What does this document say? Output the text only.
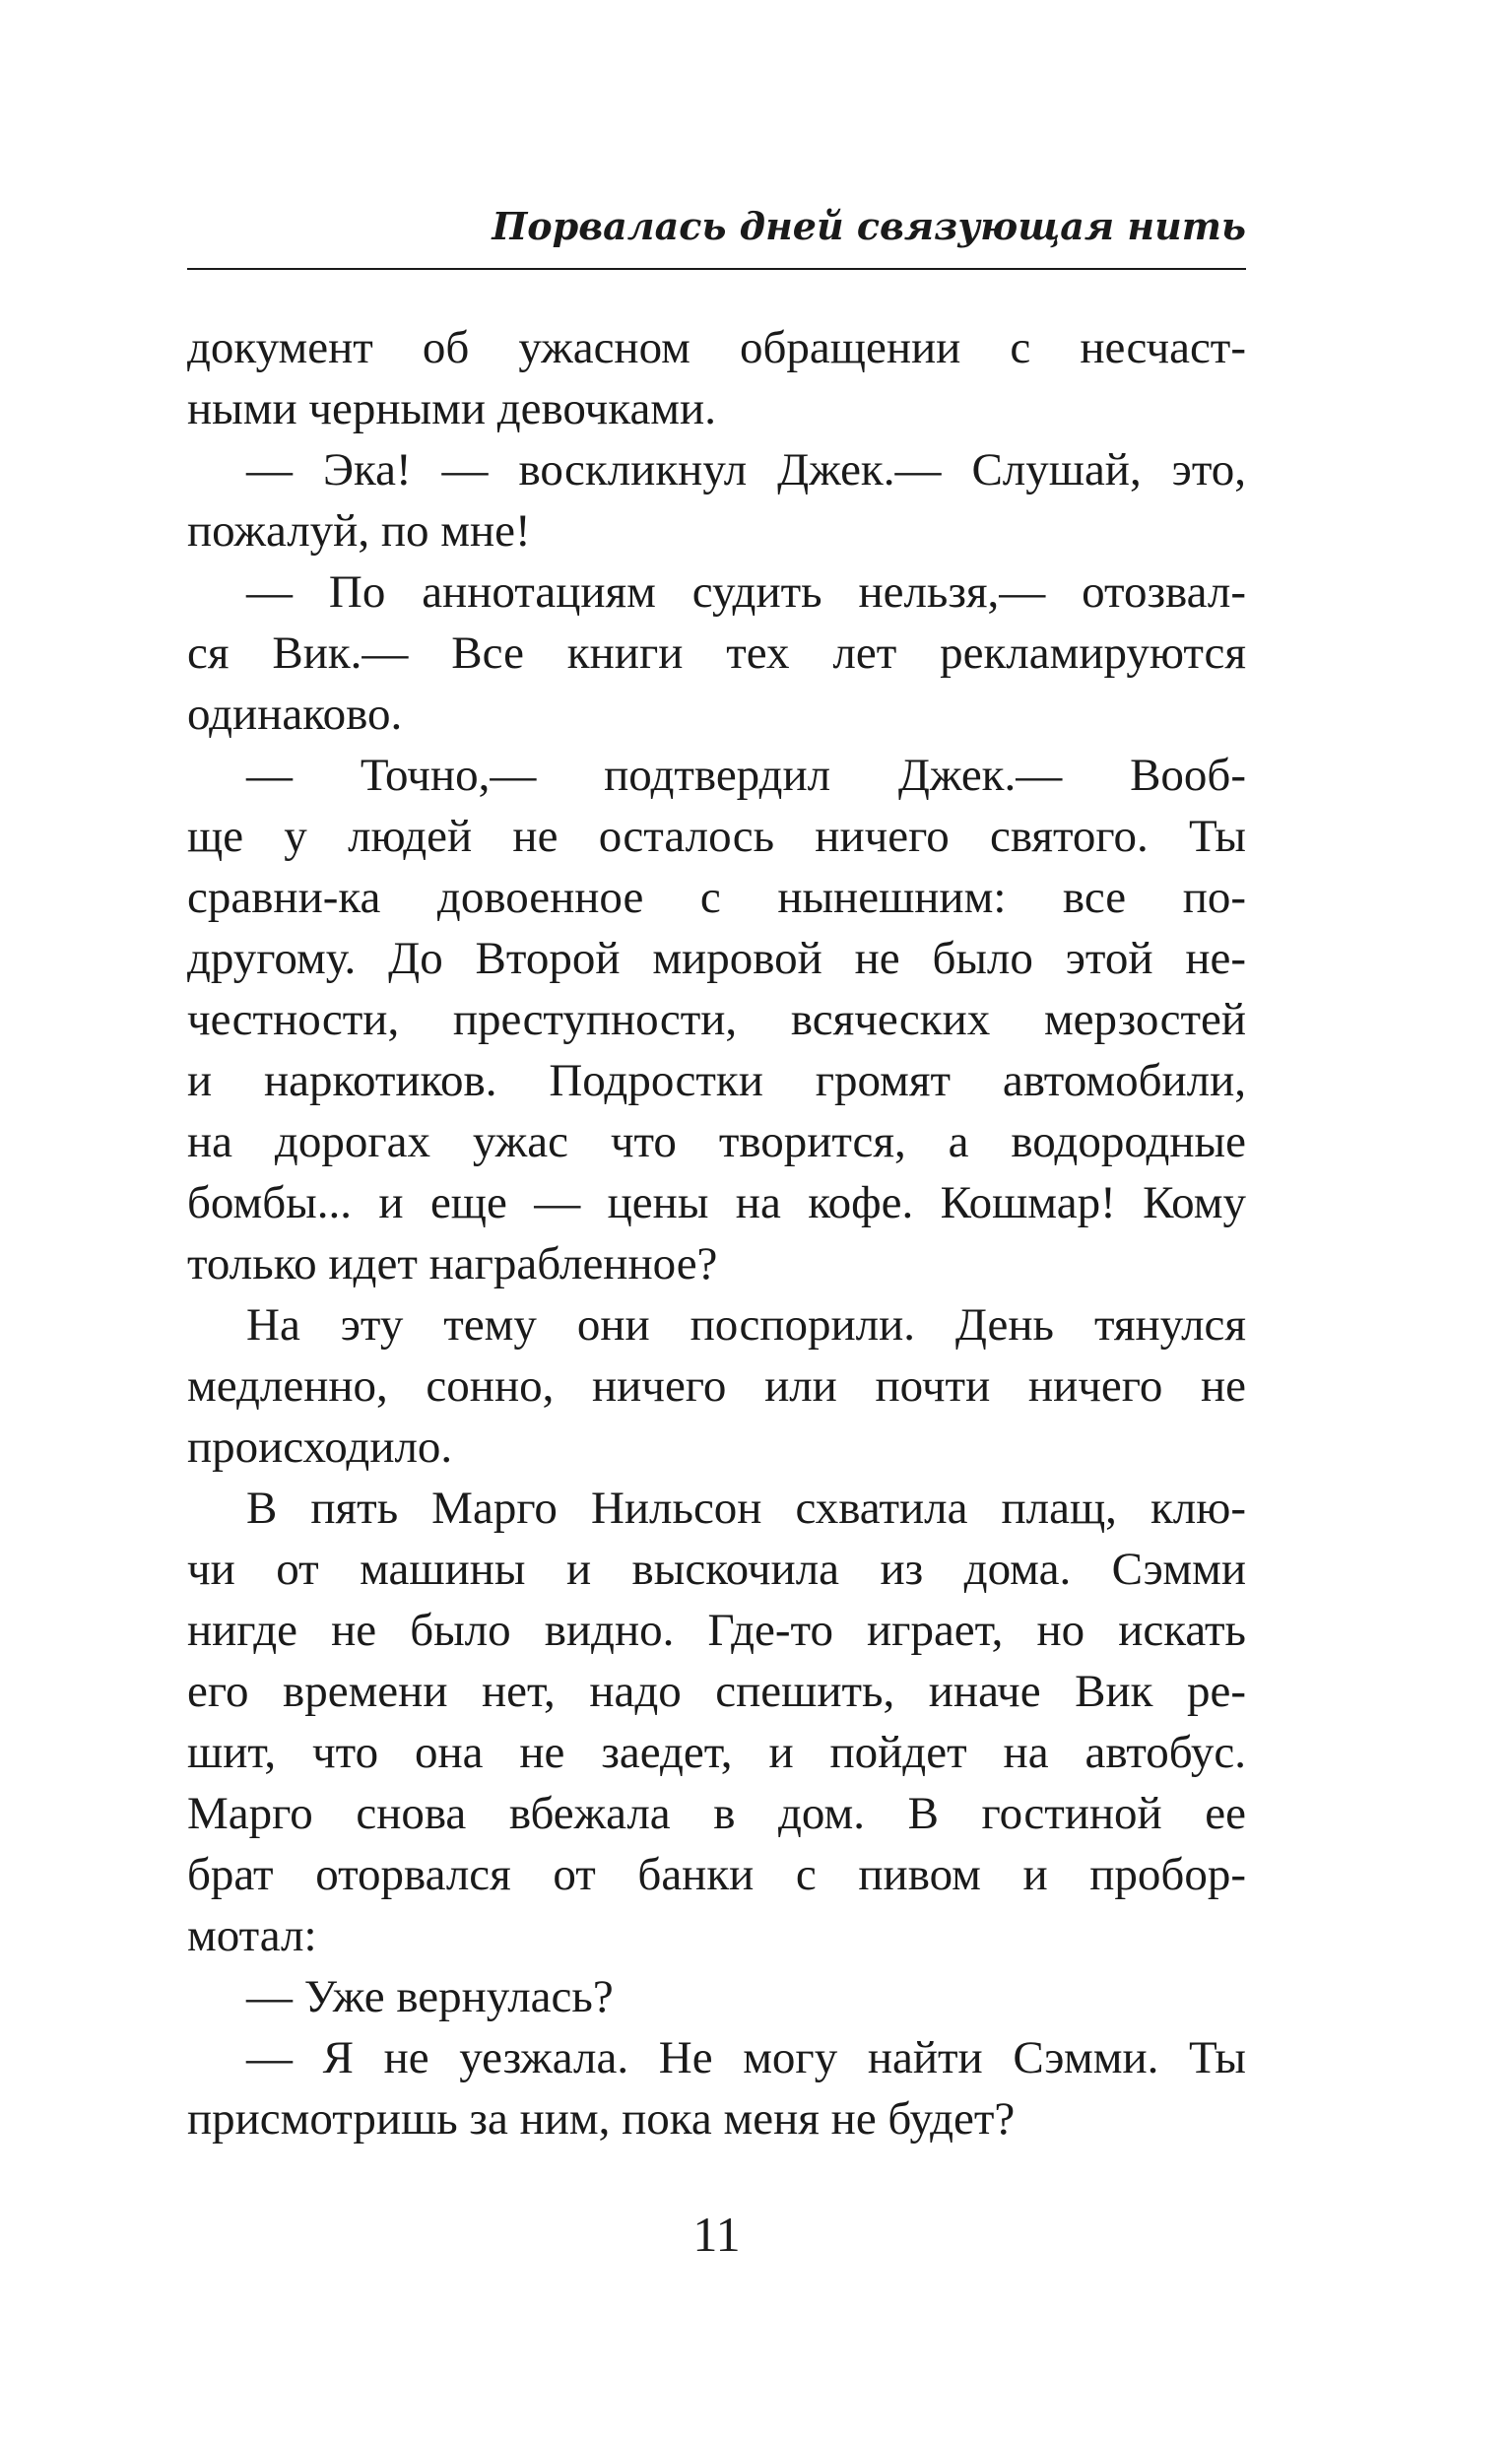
Порвалась дней связующая нить
документ об ужасном обращении с несчаст-
ными черными девочками.
— Эка! — воскликнул Джек.— Слушай, это,
пожалуй, по мне!
— По аннотациям судить нельзя,— отозвал-
ся Вик.— Все книги тех лет рекламируются
одинаково.
— Точно,— подтвердил Джек.— Вооб-
ще у людей не осталось ничего святого. Ты
сравни-ка довоенное с нынешним: все по-
другому. До Второй мировой не было этой не-
честности, преступности, всяческих мерзостей
и наркотиков. Подростки громят автомобили,
на дорогах ужас что творится, а водородные
бомбы... и еще — цены на кофе. Кошмар! Кому
только идет награбленное?
На эту тему они поспорили. День тянулся
медленно, сонно, ничего или почти ничего не
происходило.
В пять Марго Нильсон схватила плащ, клю-
чи от машины и выскочила из дома. Сэмми
нигде не было видно. Где-то играет, но искать
его времени нет, надо спешить, иначе Вик ре-
шит, что она не заедет, и пойдет на автобус.
Марго снова вбежала в дом. В гостиной ее
брат оторвался от банки с пивом и пробор-
мотал:
— Уже вернулась?
— Я не уезжала. Не могу найти Сэмми. Ты
присмотришь за ним, пока меня не будет?
11
